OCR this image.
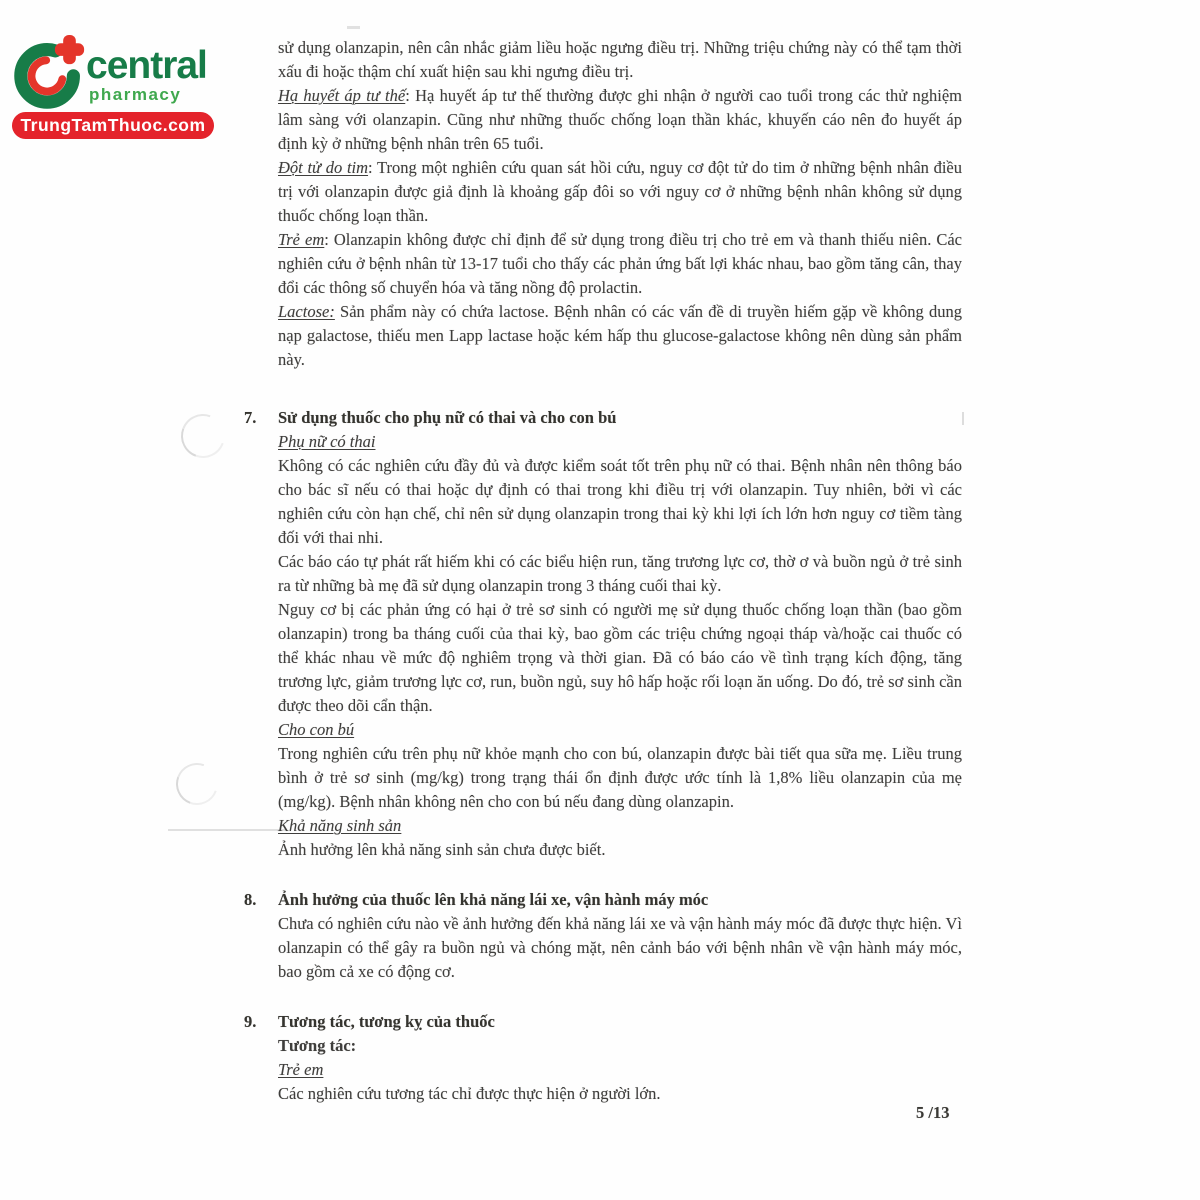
central
pharmacy
TrungTamThuoc.com

sử dụng olanzapin, nên cân nhắc giảm liều hoặc ngưng điều trị. Những triệu chứng này có thể tạm thời xấu đi hoặc thậm chí xuất hiện sau khi ngưng điều trị.

Hạ huyết áp tư thế: Hạ huyết áp tư thế thường được ghi nhận ở người cao tuổi trong các thử nghiệm lâm sàng với olanzapin. Cũng như những thuốc chống loạn thần khác, khuyến cáo nên đo huyết áp định kỳ ở những bệnh nhân trên 65 tuổi.

Đột tử do tim: Trong một nghiên cứu quan sát hồi cứu, nguy cơ đột tử do tim ở những bệnh nhân điều trị với olanzapin được giả định là khoảng gấp đôi so với nguy cơ ở những bệnh nhân không sử dụng thuốc chống loạn thần.

Trẻ em: Olanzapin không được chỉ định để sử dụng trong điều trị cho trẻ em và thanh thiếu niên. Các nghiên cứu ở bệnh nhân từ 13-17 tuổi cho thấy các phản ứng bất lợi khác nhau, bao gồm tăng cân, thay đổi các thông số chuyển hóa và tăng nồng độ prolactin.

Lactose: Sản phẩm này có chứa lactose. Bệnh nhân có các vấn đề di truyền hiếm gặp về không dung nạp galactose, thiếu men Lapp lactase hoặc kém hấp thu glucose-galactose không nên dùng sản phẩm này.

7.	Sử dụng thuốc cho phụ nữ có thai và cho con bú
Phụ nữ có thai

Không có các nghiên cứu đầy đủ và được kiểm soát tốt trên phụ nữ có thai. Bệnh nhân nên thông báo cho bác sĩ nếu có thai hoặc dự định có thai trong khi điều trị với olanzapin. Tuy nhiên, bởi vì các nghiên cứu còn hạn chế, chỉ nên sử dụng olanzapin trong thai kỳ khi lợi ích lớn hơn nguy cơ tiềm tàng đối với thai nhi.

Các báo cáo tự phát rất hiếm khi có các biểu hiện run, tăng trương lực cơ, thờ ơ và buồn ngủ ở trẻ sinh ra từ những bà mẹ đã sử dụng olanzapin trong 3 tháng cuối thai kỳ.

Nguy cơ bị các phản ứng có hại ở trẻ sơ sinh có người mẹ sử dụng thuốc chống loạn thần (bao gồm olanzapin) trong ba tháng cuối của thai kỳ, bao gồm các triệu chứng ngoại tháp và/hoặc cai thuốc có thể khác nhau về mức độ nghiêm trọng và thời gian. Đã có báo cáo về tình trạng kích động, tăng trương lực, giảm trương lực cơ, run, buồn ngủ, suy hô hấp hoặc rối loạn ăn uống. Do đó, trẻ sơ sinh cần được theo dõi cẩn thận.

Cho con bú

Trong nghiên cứu trên phụ nữ khỏe mạnh cho con bú, olanzapin được bài tiết qua sữa mẹ. Liều trung bình ở trẻ sơ sinh (mg/kg) trong trạng thái ổn định được ước tính là 1,8% liều olanzapin của mẹ (mg/kg). Bệnh nhân không nên cho con bú nếu đang dùng olanzapin.

Khả năng sinh sản

Ảnh hưởng lên khả năng sinh sản chưa được biết.

8.	Ảnh hưởng của thuốc lên khả năng lái xe, vận hành máy móc

Chưa có nghiên cứu nào về ảnh hưởng đến khả năng lái xe và vận hành máy móc đã được thực hiện. Vì olanzapin có thể gây ra buồn ngủ và chóng mặt, nên cảnh báo với bệnh nhân về vận hành máy móc, bao gồm cả xe có động cơ.

9.	Tương tác, tương kỵ của thuốc
Tương tác:
Trẻ em

Các nghiên cứu tương tác chỉ được thực hiện ở người lớn.

5 /13
